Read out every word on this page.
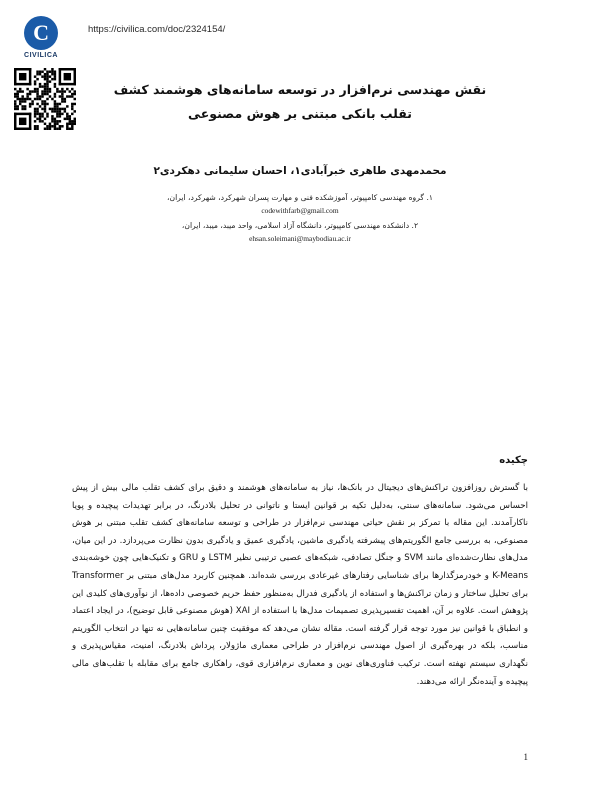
C
CIVILICA
https://civilica.com/doc/2324154/
نقش مهندسی نرم‌افزار در توسعه سامانه‌های هوشمند کشف تقلب بانکی مبتنی بر هوش مصنوعی
محمدمهدی طاهری خبرآبادی۱، احسان سلیمانی دهکردی۲
۱. گروه مهندسی کامپیوتر، آموزشکده فنی و مهارت پسران شهرکرد، شهرکرد، ایران،
codewithfarb@gmail.com
۲. دانشکده مهندسی کامپیوتر، دانشگاه آزاد اسلامی، واحد میبد، میبد، ایران،
ehsan.soleimani@maybodiau.ac.ir
چکیده
با گسترش روزافزون تراکنش‌های دیجیتال در بانک‌ها، نیاز به سامانه‌های هوشمند و دقیق برای کشف تقلب مالی بیش از پیش احساس می‌شود. سامانه‌های سنتی، به‌دلیل تکیه بر قوانین ایستا و ناتوانی در تحلیل بلادرنگ، در برابر تهدیدات پیچیده و پویا ناکارآمدند. این مقاله با تمرکز بر نقش حیاتی مهندسی نرم‌افزار در طراحی و توسعه سامانه‌های کشف تقلب مبتنی بر هوش مصنوعی، به بررسی جامع الگوریتم‌های پیشرفته یادگیری ماشین، یادگیری عمیق و یادگیری بدون نظارت می‌پردازد. در این میان، مدل‌های نظارت‌شده‌ای مانند SVM و جنگل تصادفی، شبکه‌های عصبی ترتیبی نظیر LSTM و GRU و تکنیک‌هایی چون خوشه‌بندی K-Means و خودرمزگذارها برای شناسایی رفتارهای غیرعادی بررسی شده‌اند. همچنین کاربرد مدل‌های مبتنی بر Transformer برای تحلیل ساختار و زمان تراکنش‌ها و استفاده از یادگیری فدرال به‌منظور حفظ حریم خصوصی داده‌ها، از نوآوری‌های کلیدی این پژوهش است. علاوه بر آن، اهمیت تفسیرپذیری تصمیمات مدل‌ها با استفاده از XAI (هوش مصنوعی قابل توضیح)، در ایجاد اعتماد و انطباق با قوانین نیز مورد توجه قرار گرفته است. مقاله نشان می‌دهد که موفقیت چنین سامانه‌هایی نه تنها در انتخاب الگوریتم مناسب، بلکه در بهره‌گیری از اصول مهندسی نرم‌افزار در طراحی معماری ماژولار، پرداش بلادرنگ، امنیت، مقیاس‌پذیری و نگهداری سیستم نهفته است. ترکیب فناوری‌های نوین و معماری نرم‌افزاری قوی، راهکاری جامع برای مقابله با تقلب‌های مالی پیچیده و آینده‌نگر ارائه می‌دهند.
1
